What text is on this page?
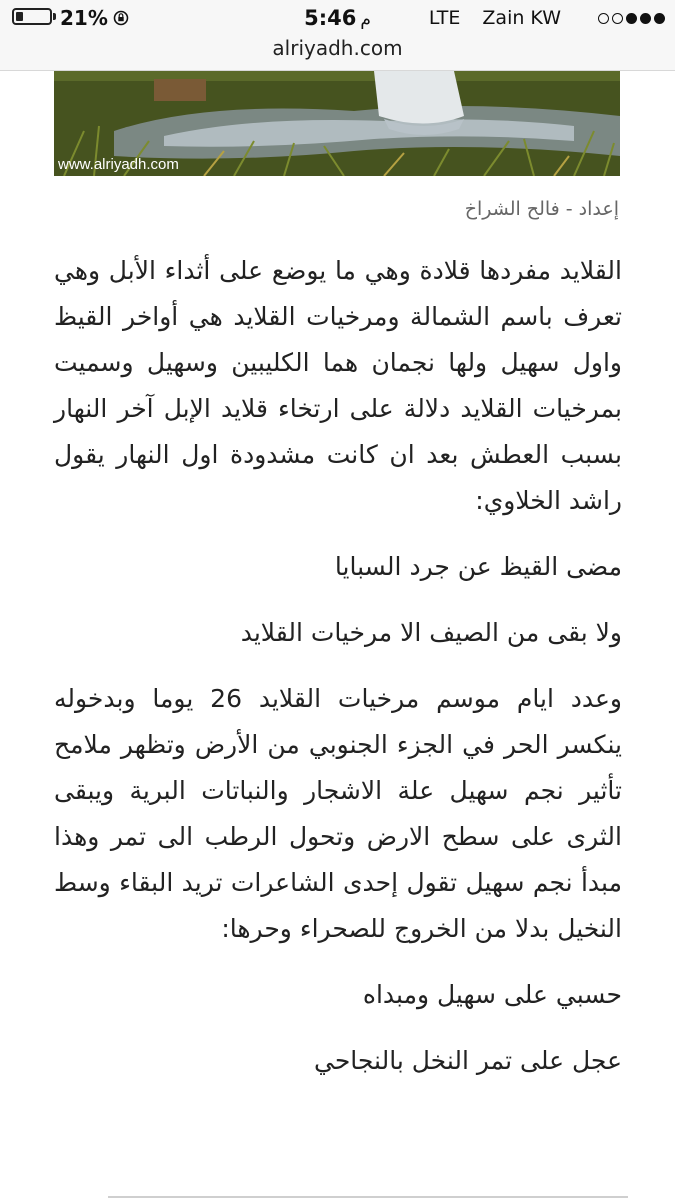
21%	5:46 م	LTE Zain KW
alriyadh.com
www.alriyadh.com
إعداد - فالح الشراخ

القلايد مفردها قلادة وهي ما يوضع على أثداء الأبل وهي تعرف باسم الشمالة ومرخيات القلايد هي أواخر القيظ واول سهيل ولها نجمان هما الكليبين وسهيل وسميت بمرخيات القلايد دلالة على ارتخاء قلايد الإبل آخر النهار بسبب العطش بعد ان كانت مشدودة اول النهار يقول راشد الخلاوي:

مضى القيظ عن جرد السبايا

ولا بقى من الصيف الا مرخيات القلايد

وعدد ايام موسم مرخيات القلايد 26 يوما وبدخوله ينكسر الحر في الجزء الجنوبي من الأرض وتظهر ملامح تأثير نجم سهيل علة الاشجار والنباتات البرية ويبقى الثرى على سطح الارض وتحول الرطب الى تمر وهذا مبدأ نجم سهيل تقول إحدى الشاعرات تريد البقاء وسط النخيل بدلا من الخروج للصحراء وحرها:

حسبي على سهيل ومبداه

عجل على تمر النخل بالنجاحي
